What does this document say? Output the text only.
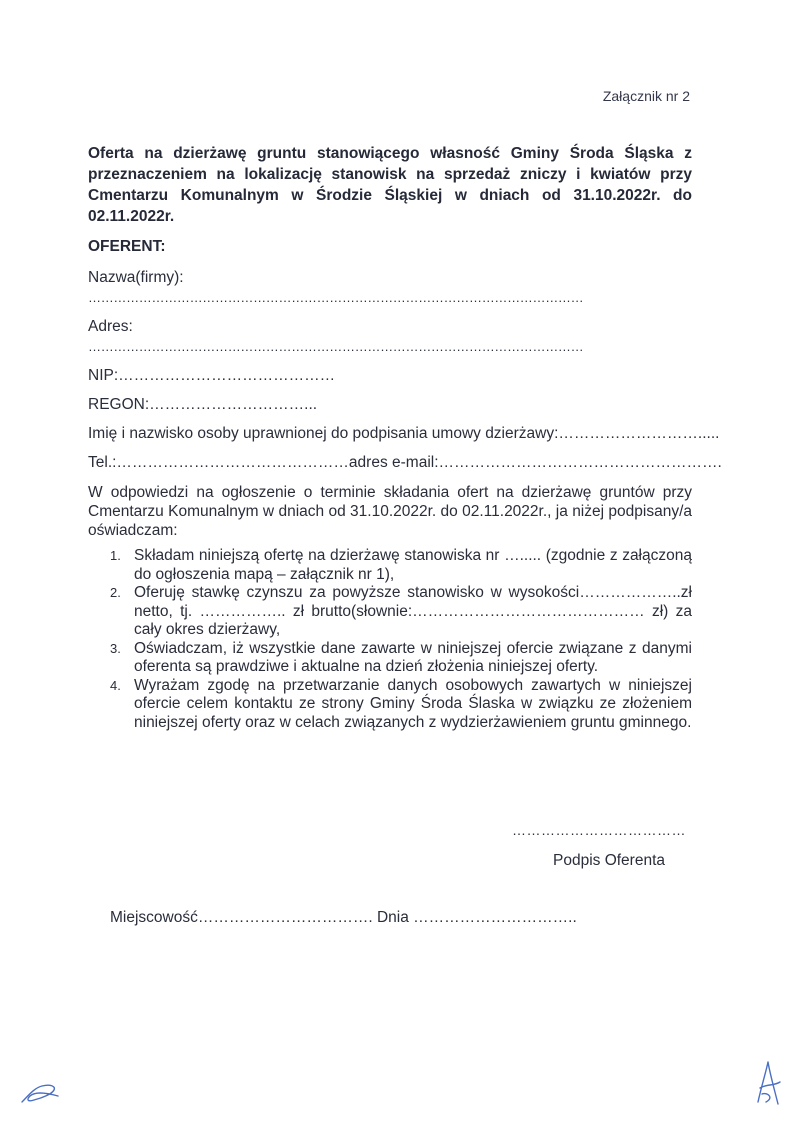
Załącznik nr 2
Oferta na dzierżawę gruntu stanowiącego własność Gminy Środa Śląska z przeznaczeniem na lokalizację stanowisk na sprzedaż zniczy i kwiatów przy Cmentarzu Komunalnym w Środzie Śląskiej w dniach od 31.10.2022r. do 02.11.2022r.
OFERENT:
Nazwa(firmy):
………………………………………………………………………………………………………
Adres:
………………………………………………………………………………………………………
NIP:……………………………………
REGON:…………………………...
Imię i nazwisko osoby uprawnionej do podpisania umowy dzierżawy:……………………….....
Tel.:………………………………………adres e-mail:……………………………………………….
W odpowiedzi na ogłoszenie o terminie składania ofert na dzierżawę gruntów przy Cmentarzu Komunalnym w dniach od 31.10.2022r. do 02.11.2022r., ja niżej podpisany/a oświadczam:
1. Składam niniejszą ofertę na dzierżawę stanowiska nr …..... (zgodnie z załączoną do ogłoszenia mapą – załącznik nr 1),
2. Oferuję stawkę czynszu za powyższe stanowisko w wysokości………………..zł netto, tj. …………….. zł brutto(słownie:……………………………………… zł) za cały okres dzierżawy,
3. Oświadczam, iż wszystkie dane zawarte w niniejszej ofercie związane z danymi oferenta są prawdziwe i aktualne na dzień złożenia niniejszej oferty.
4. Wyrażam zgodę na przetwarzanie danych osobowych zawartych w niniejszej ofercie celem kontaktu ze strony Gminy Środa Ślaska w związku ze złożeniem niniejszej oferty oraz w celach związanych z wydzierżawieniem gruntu gminnego.
………………………………
Podpis Oferenta
Miejscowość……………………………. Dnia …………………………..
